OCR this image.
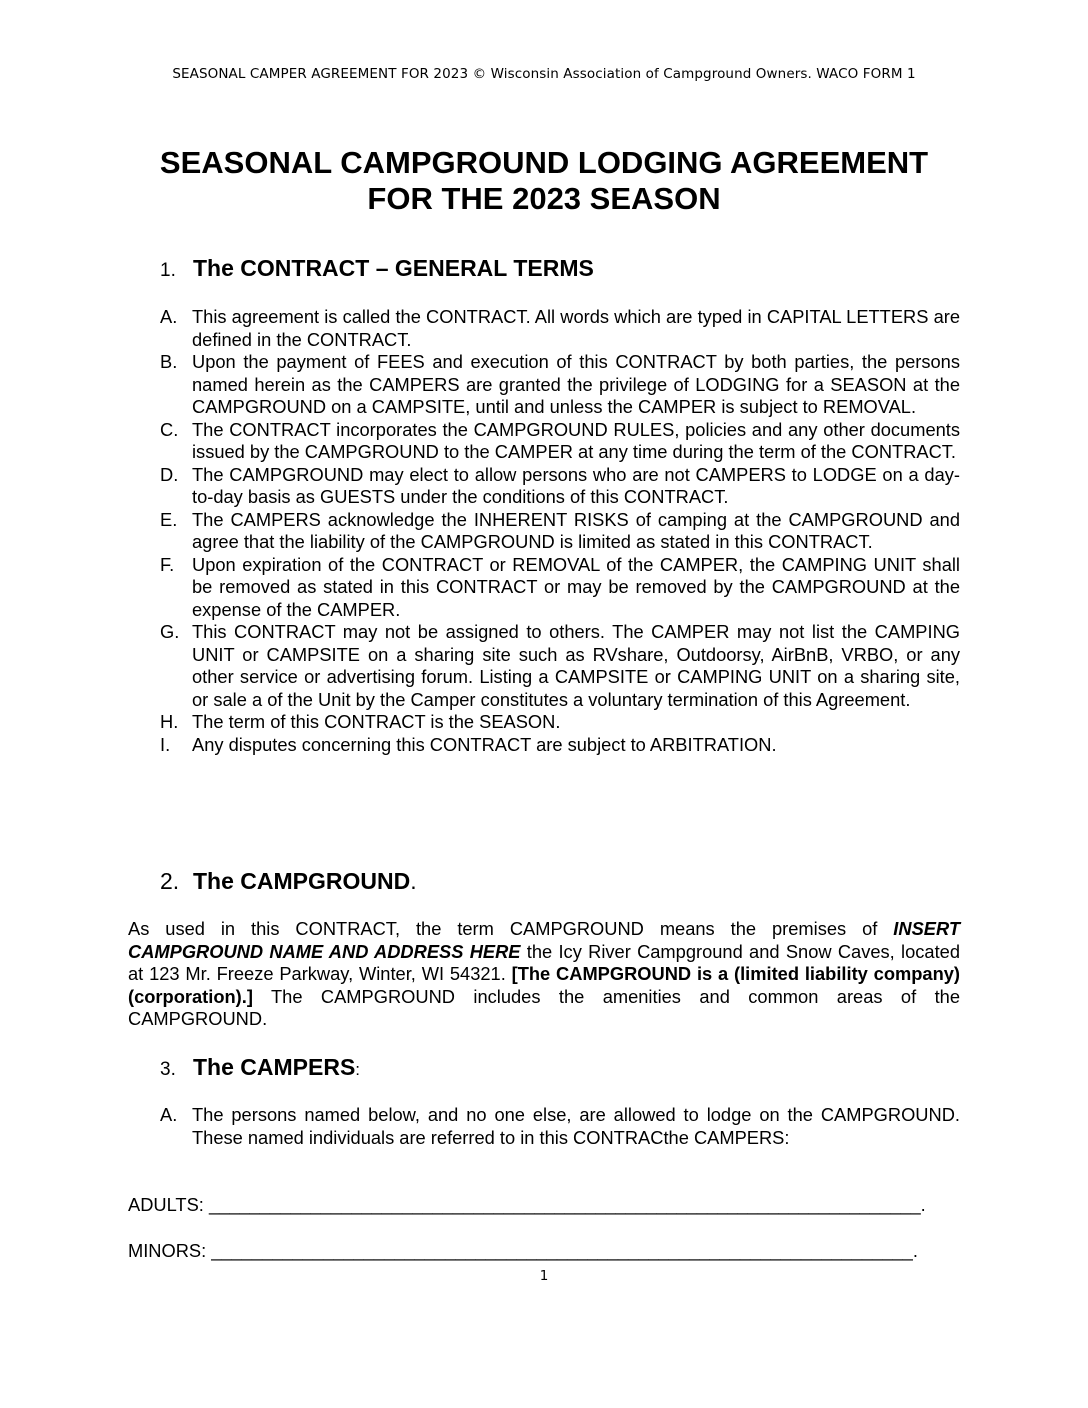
SEASONAL CAMPER AGREEMENT FOR 2023 © Wisconsin Association of Campground Owners. WACO FORM 1
SEASONAL CAMPGROUND LODGING AGREEMENT
FOR THE 2023 SEASON
1. The CONTRACT – GENERAL TERMS
A. This agreement is called the CONTRACT. All words which are typed in CAPITAL LETTERS are defined in the CONTRACT.
B. Upon the payment of FEES and execution of this CONTRACT by both parties, the persons named herein as the CAMPERS are granted the privilege of LODGING for a SEASON at the CAMPGROUND on a CAMPSITE, until and unless the CAMPER is subject to REMOVAL.
C. The CONTRACT incorporates the CAMPGROUND RULES, policies and any other documents issued by the CAMPGROUND to the CAMPER at any time during the term of the CONTRACT.
D. The CAMPGROUND may elect to allow persons who are not CAMPERS to LODGE on a day-to-day basis as GUESTS under the conditions of this CONTRACT.
E. The CAMPERS acknowledge the INHERENT RISKS of camping at the CAMPGROUND and agree that the liability of the CAMPGROUND is limited as stated in this CONTRACT.
F. Upon expiration of the CONTRACT or REMOVAL of the CAMPER, the CAMPING UNIT shall be removed as stated in this CONTRACT or may be removed by the CAMPGROUND at the expense of the CAMPER.
G. This CONTRACT may not be assigned to others. The CAMPER may not list the CAMPING UNIT or CAMPSITE on a sharing site such as RVshare, Outdoorsy, AirBnB, VRBO, or any other service or advertising forum. Listing a CAMPSITE or CAMPING UNIT on a sharing site, or sale a of the Unit by the Camper constitutes a voluntary termination of this Agreement.
H. The term of this CONTRACT is the SEASON.
I. Any disputes concerning this CONTRACT are subject to ARBITRATION.
2. The CAMPGROUND.

As used in this CONTRACT, the term CAMPGROUND means the premises of INSERT CAMPGROUND NAME AND ADDRESS HERE the Icy River Campground and Snow Caves, located at 123 Mr. Freeze Parkway, Winter, WI 54321. [The CAMPGROUND is a (limited liability company)(corporation).] The CAMPGROUND includes the amenities and common areas of the CAMPGROUND.

3. The CAMPERS:
A. The persons named below, and no one else, are allowed to lodge on the CAMPGROUND. These named individuals are referred to in this CONTRACthe CAMPERS:
ADULTS: ______________________________________________________________________.
MINORS: _____________________________________________________________________.
1
